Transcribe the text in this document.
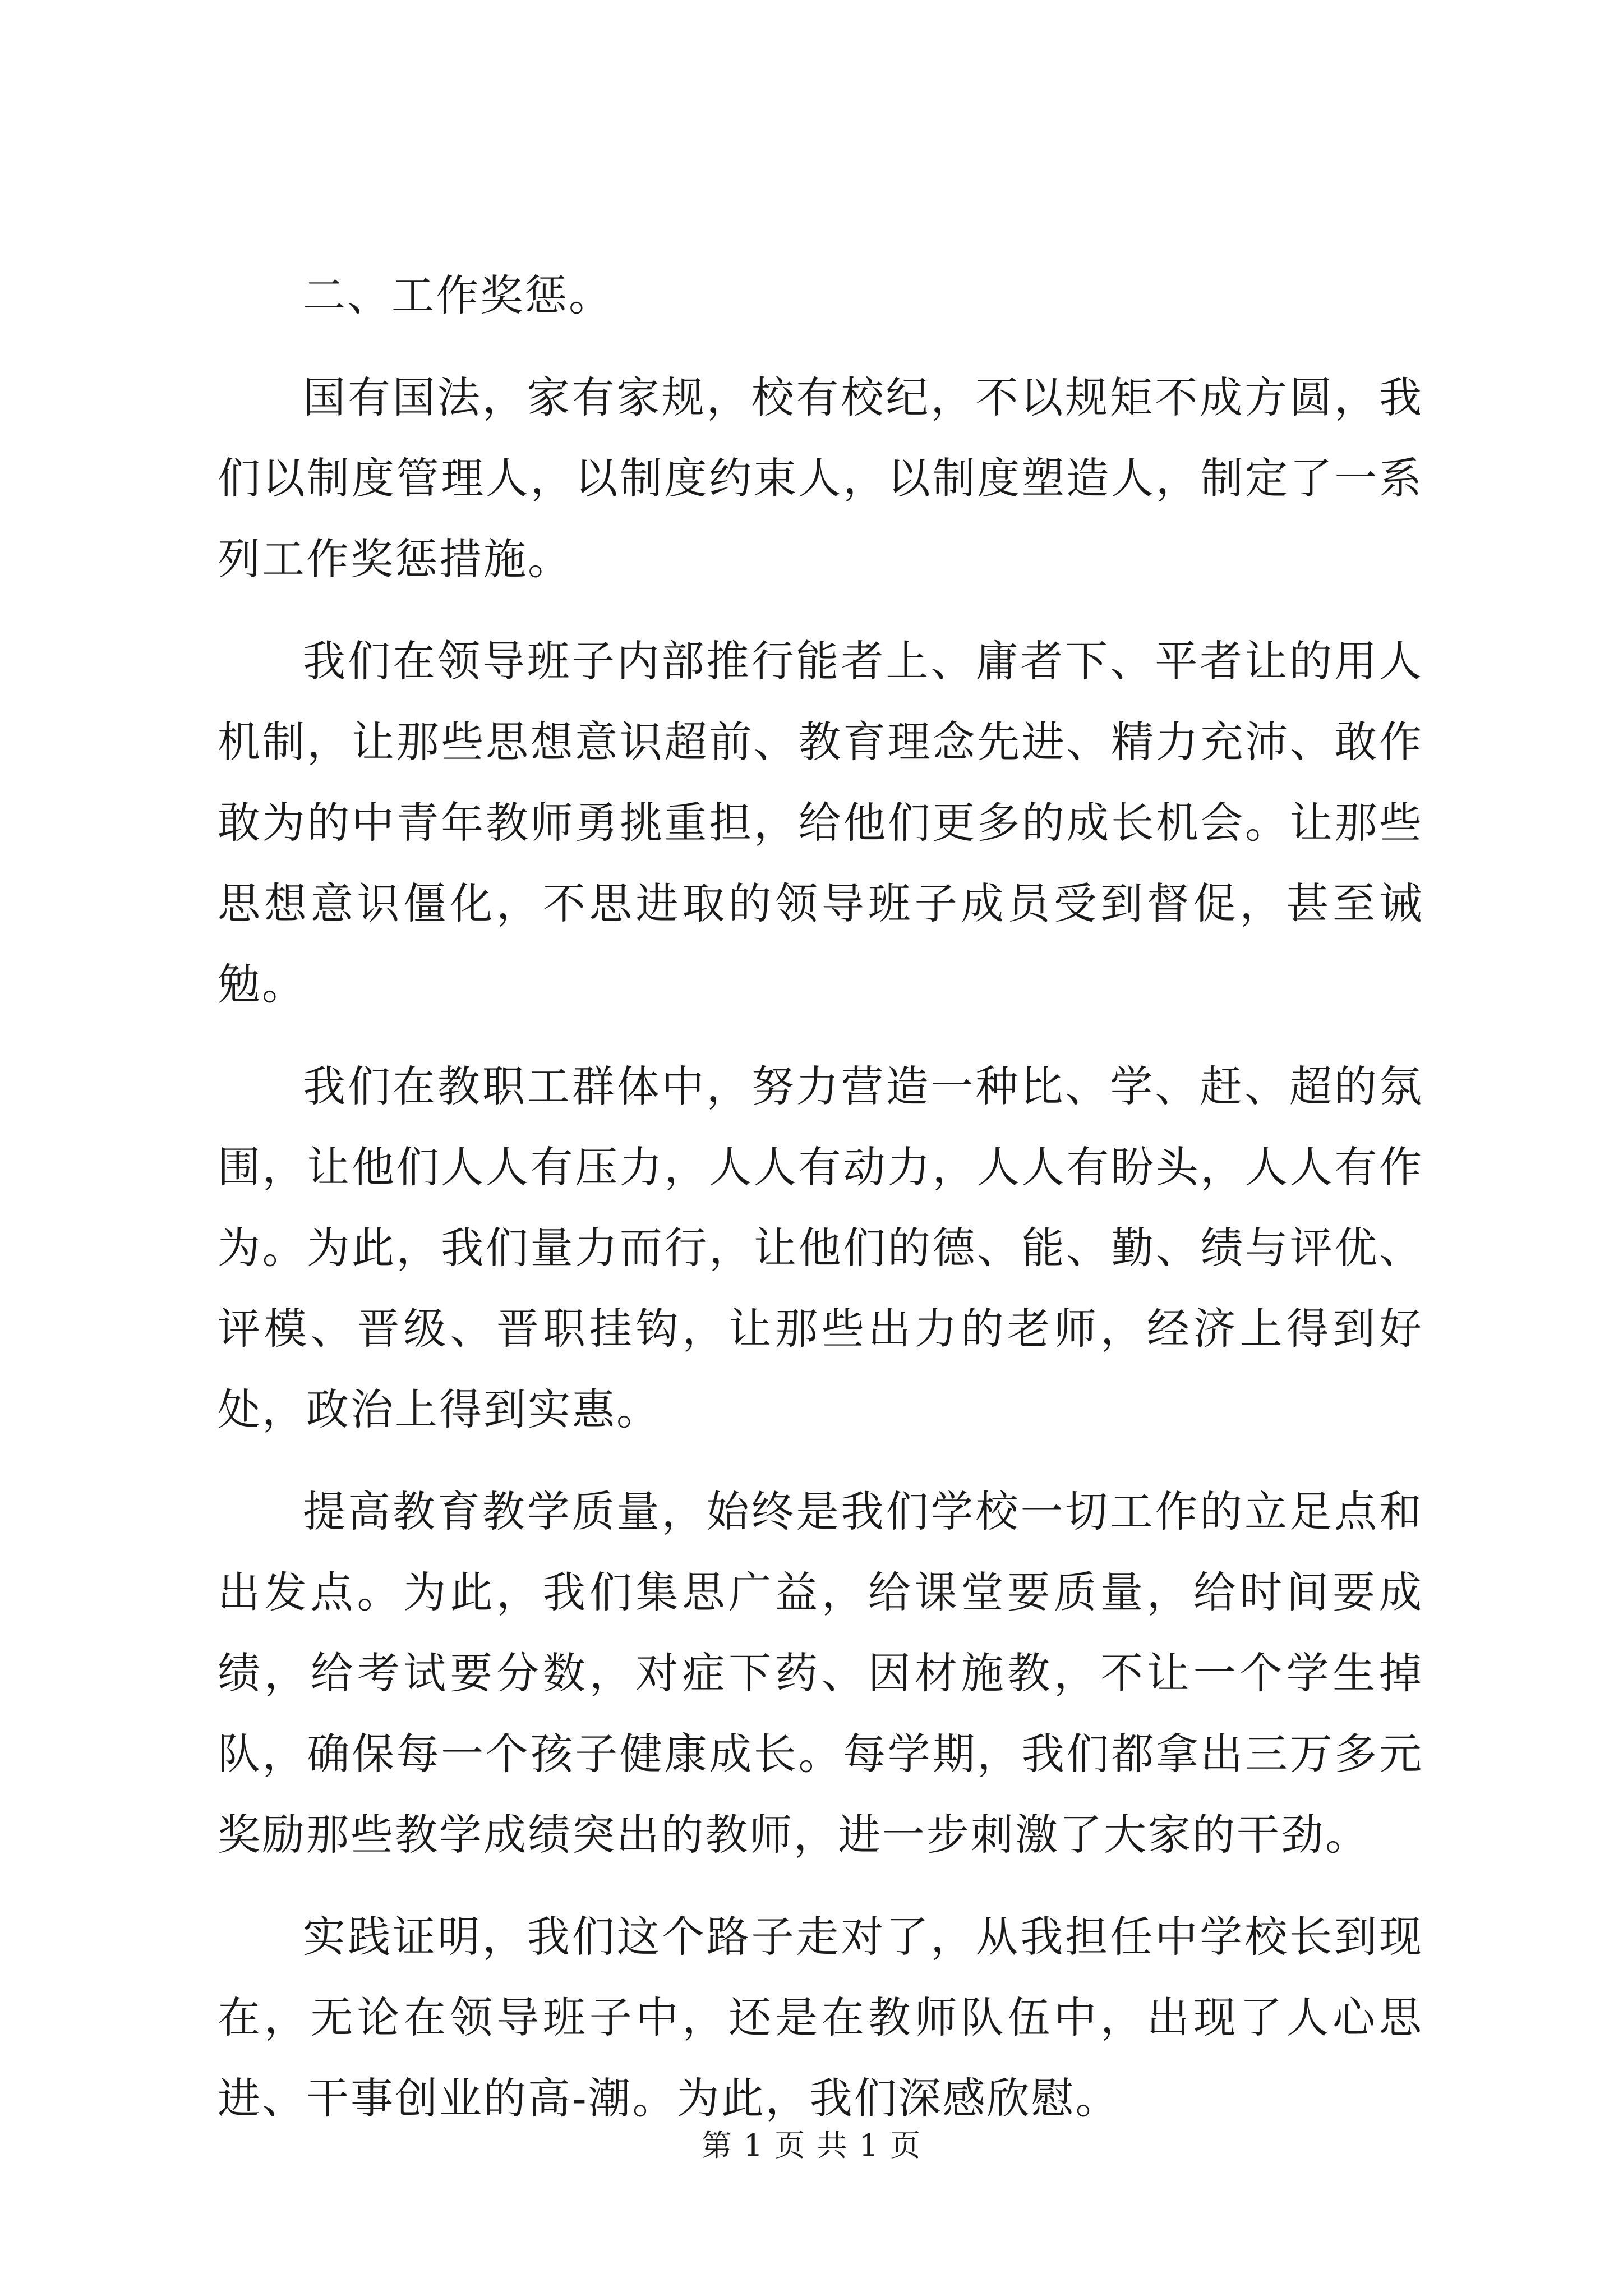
二、工作奖惩。

国有国法，家有家规，校有校纪，不以规矩不成方圆，我们以制度管理人，以制度约束人，以制度塑造人，制定了一系列工作奖惩措施。

我们在领导班子内部推行能者上、庸者下、平者让的用人机制，让那些思想意识超前、教育理念先进、精力充沛、敢作敢为的中青年教师勇挑重担，给他们更多的成长机会。让那些思想意识僵化，不思进取的领导班子成员受到督促，甚至诫勉。

我们在教职工群体中，努力营造一种比、学、赶、超的氛围，让他们人人有压力，人人有动力，人人有盼头，人人有作为。为此，我们量力而行，让他们的德、能、勤、绩与评优、评模、晋级、晋职挂钩，让那些出力的老师，经济上得到好处，政治上得到实惠。

提高教育教学质量，始终是我们学校一切工作的立足点和出发点。为此，我们集思广益，给课堂要质量，给时间要成绩，给考试要分数，对症下药、因材施教，不让一个学生掉队，确保每一个孩子健康成长。每学期，我们都拿出三万多元奖励那些教学成绩突出的教师，进一步刺激了大家的干劲。

实践证明，我们这个路子走对了，从我担任中学校长到现在，无论在领导班子中，还是在教师队伍中，出现了人心思进、干事创业的高-潮。为此，我们深感欣慰。

第 1 页 共 1 页
